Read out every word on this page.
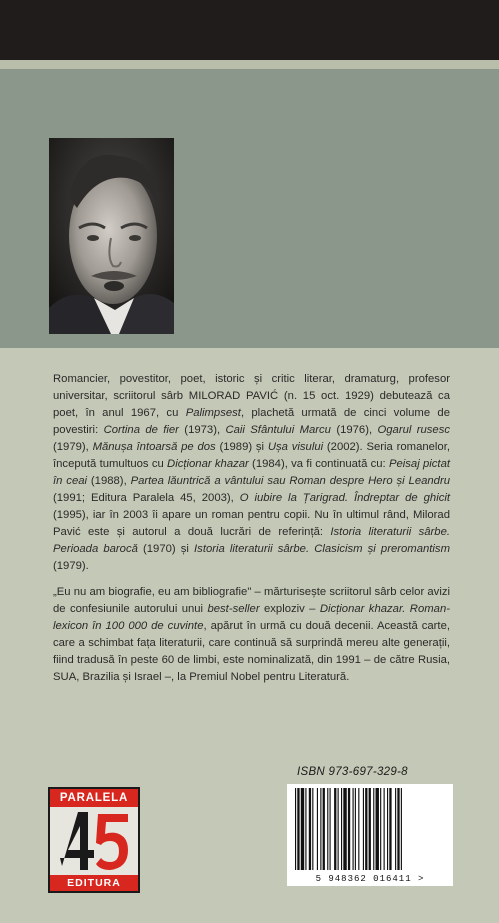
Romancier, povestitor, poet, istoric și critic literar, dramaturg, profesor universitar, scriitorul sârb MILORAD PAVIĆ (n. 15 oct. 1929) debutează ca poet, în anul 1967, cu Palimpsest, plachetă urmată de cinci volume de povestiri: Cortina de fier (1973), Caii Sfântului Marcu (1976), Ogarul rusesc (1979), Mănușa întoarsă pe dos (1989) și Ușa visului (2002). Seria romanelor, începută tumultuos cu Dicționar khazar (1984), va fi continuată cu: Peisaj pictat în ceai (1988), Partea lăuntrică a vântului sau Roman despre Hero și Leandru (1991; Editura Paralela 45, 2003), O iubire la Țarigrad. Îndreptar de ghicit (1995), iar în 2003 îi apare un roman pentru copii. Nu în ultimul rând, Milorad Pavić este și autorul a două lucrări de referință: Istoria literaturii sârbe. Perioada barocă (1970) și Istoria literaturii sârbe. Clasicism și preromantism (1979).
„Eu nu am biografie, eu am bibliografie" – mărturisește scriitorul sârb celor avizi de confesiunile autorului unui best-seller exploziv – Dicționar khazar. Roman-lexicon în 100 000 de cuvinte, apărut în urmă cu două decenii. Această carte, care a schimbat fața literaturii, care continuă să surprindă mereu alte generații, fiind tradusă în peste 60 de limbi, este nominalizată, din 1991 – de către Rusia, SUA, Brazilia și Israel –, la Premiul Nobel pentru Literatură.
ISBN 973-697-329-8
5 948362 016411 >
PARALELA
EDITURA
